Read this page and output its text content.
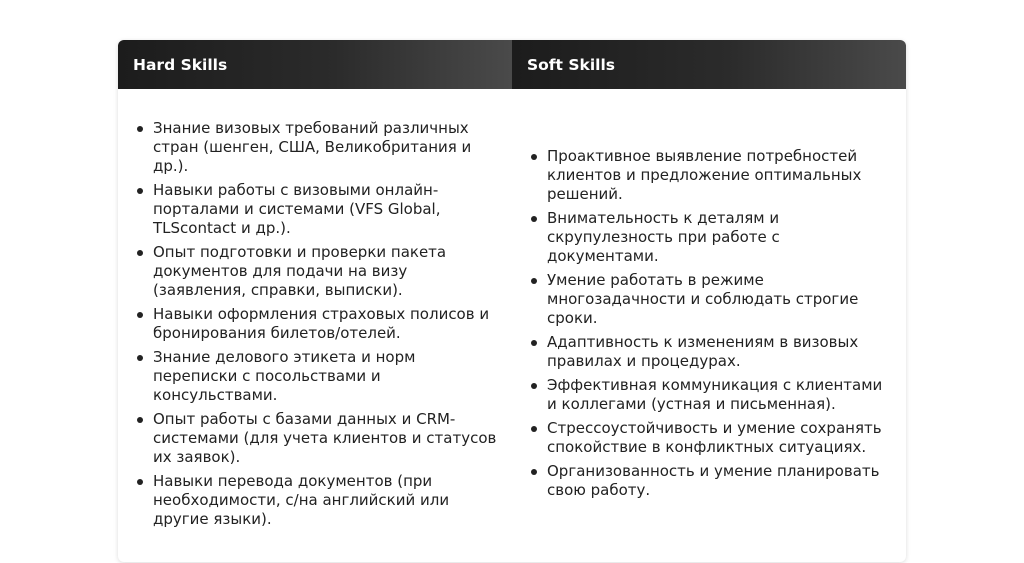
Hard Skills	Soft Skills
Знание визовых требований различных стран (шенген, США, Великобритания и др.).
Навыки работы с визовыми онлайн-порталами и системами (VFS Global, TLScontact и др.).
Опыт подготовки и проверки пакета документов для подачи на визу (заявления, справки, выписки).
Навыки оформления страховых полисов и бронирования билетов/отелей.
Знание делового этикета и норм переписки с посольствами и консульствами.
Опыт работы с базами данных и CRM-системами (для учета клиентов и статусов их заявок).
Навыки перевода документов (при необходимости, с/на английский или другие языки).
Проактивное выявление потребностей клиентов и предложение оптимальных решений.
Внимательность к деталям и скрупулезность при работе с документами.
Умение работать в режиме многозадачности и соблюдать строгие сроки.
Адаптивность к изменениям в визовых правилах и процедурах.
Эффективная коммуникация с клиентами и коллегами (устная и письменная).
Стрессоустойчивость и умение сохранять спокойствие в конфликтных ситуациях.
Организованность и умение планировать свою работу.
